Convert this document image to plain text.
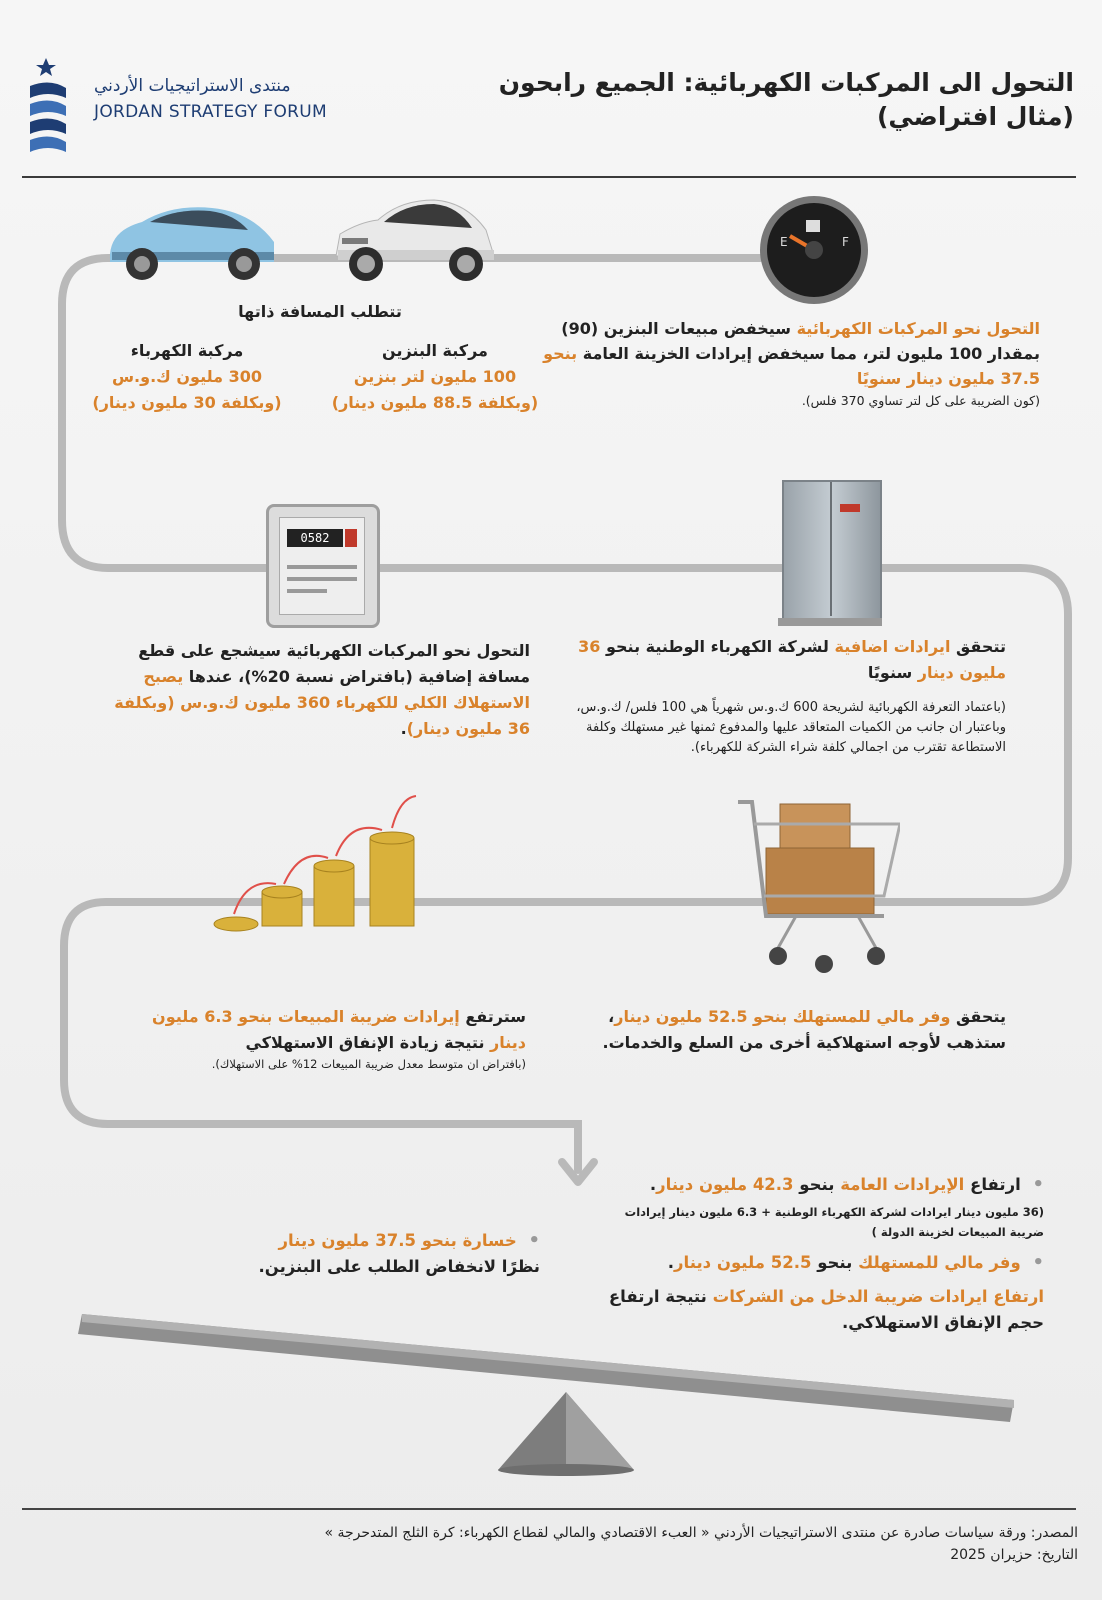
منتدى الاستراتيجيات الأردني
JORDAN STRATEGY FORUM
التحول الى المركبات الكهربائية: الجميع رابحون
(مثال افتراضي)
E	F
التحول نحو المركبات الكهربائية سيخفض مبيعات البنزين (90) بمقدار 100 مليون لتر، مما سيخفض إيرادات الخزينة العامة بنحو 37.5 مليون دينار سنويًا
(كون الضريبة على كل لتر تساوي 370 فلس).
تتطلب المسافة ذاتها
مركبة البنزين
100 مليون لتر بنزين
(وبكلفة 88.5 مليون دينار)
مركبة الكهرباء
300 مليون ك.و.س
(وبكلفة 30 مليون دينار)
0582
تتحقق ايرادات اضافية لشركة الكهرباء الوطنية بنحو 36 مليون دينار سنويًا
(باعتماد التعرفة الكهربائية لشريحة 600 ك.و.س شهرياً هي 100 فلس/ ك.و.س، وباعتبار ان جانب من الكميات المتعاقد عليها والمدفوع ثمنها غير مستهلك وكلفة الاستطاعة تقترب من اجمالي كلفة شراء الشركة للكهرباء).
التحول نحو المركبات الكهربائية سيشجع على قطع مسافة إضافية (بافتراض نسبة 20%)، عندها يصبح الاستهلاك الكلي للكهرباء 360 مليون ك.و.س (وبكلفة 36 مليون دينار).
يتحقق وفر مالي للمستهلك بنحو 52.5 مليون دينار، ستذهب لأوجه استهلاكية أخرى من السلع والخدمات.
سترتفع إيرادات ضريبة المبيعات بنحو 6.3 مليون دينار نتيجة زيادة الإنفاق الاستهلاكي
(بافتراض ان متوسط معدل ضريبة المبيعات 12% على الاستهلاك).
• خسارة بنحو 37.5 مليون دينار نظرًا لانخفاض الطلب على البنزين.
• ارتفاع الإيرادات العامة بنحو 42.3 مليون دينار.
(36 مليون دينار ايرادات لشركة الكهرباء الوطنية + 6.3 مليون دينار إيرادات ضريبة المبيعات لخزينة الدولة )
• وفر مالي للمستهلك بنحو 52.5 مليون دينار.
ارتفاع ايرادات ضريبة الدخل من الشركات نتيجة ارتفاع حجم الإنفاق الاستهلاكي.
المصدر: ورقة سياسات صادرة عن منتدى الاستراتيجيات الأردني « العبء الاقتصادي والمالي لقطاع الكهرباء: كرة الثلج المتدحرجة »
التاريخ: حزيران 2025
